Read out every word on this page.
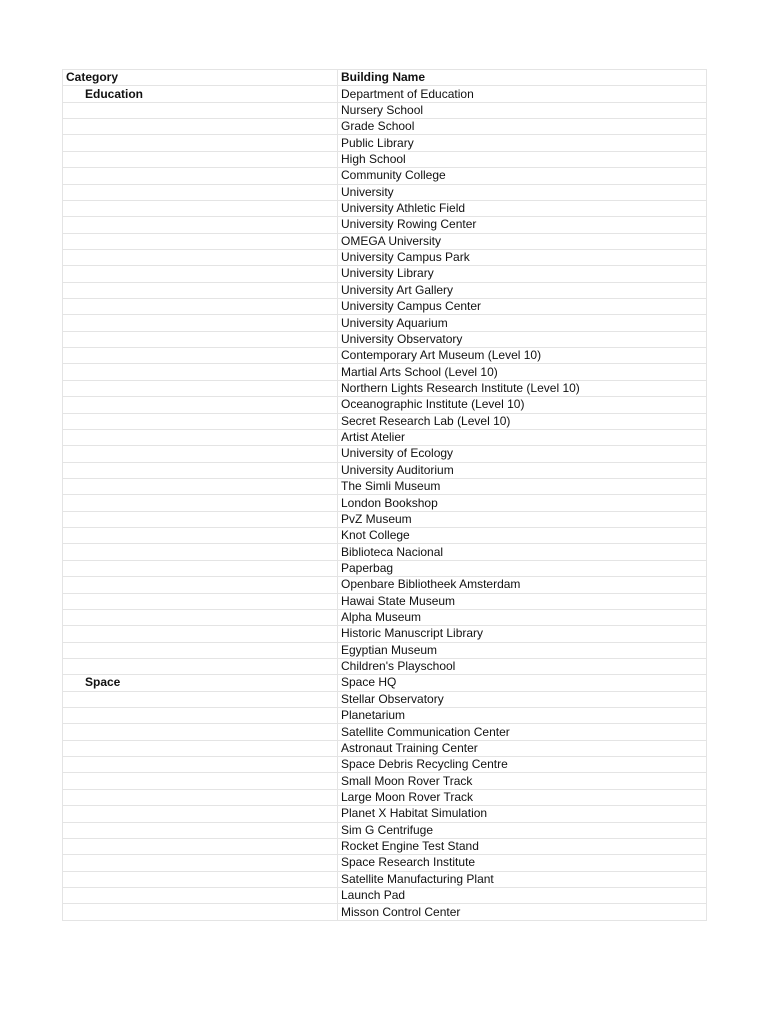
Category	Building Name
Education	Department of Education
	Nursery School
	Grade School
	Public Library
	High School
	Community College
	University
	University Athletic Field
	University Rowing Center
	OMEGA University
	University Campus Park
	University Library
	University Art Gallery
	University Campus Center
	University Aquarium
	University Observatory
	Contemporary Art Museum (Level 10)
	Martial Arts School (Level 10)
	Northern Lights Research Institute (Level 10)
	Oceanographic Institute (Level 10)
	Secret Research Lab (Level 10)
	Artist Atelier
	University of Ecology
	University Auditorium
	The Simli Museum
	London Bookshop
	PvZ Museum
	Knot College
	Biblioteca Nacional
	Paperbag
	Openbare Bibliotheek Amsterdam
	Hawai State Museum
	Alpha Museum
	Historic Manuscript Library
	Egyptian Museum
	Children's Playschool
Space	Space HQ
	Stellar Observatory
	Planetarium
	Satellite Communication Center
	Astronaut Training Center
	Space Debris Recycling Centre
	Small Moon Rover Track
	Large Moon Rover Track
	Planet X Habitat Simulation
	Sim G Centrifuge
	Rocket Engine Test Stand
	Space Research Institute
	Satellite Manufacturing Plant
	Launch Pad
	Misson Control Center
